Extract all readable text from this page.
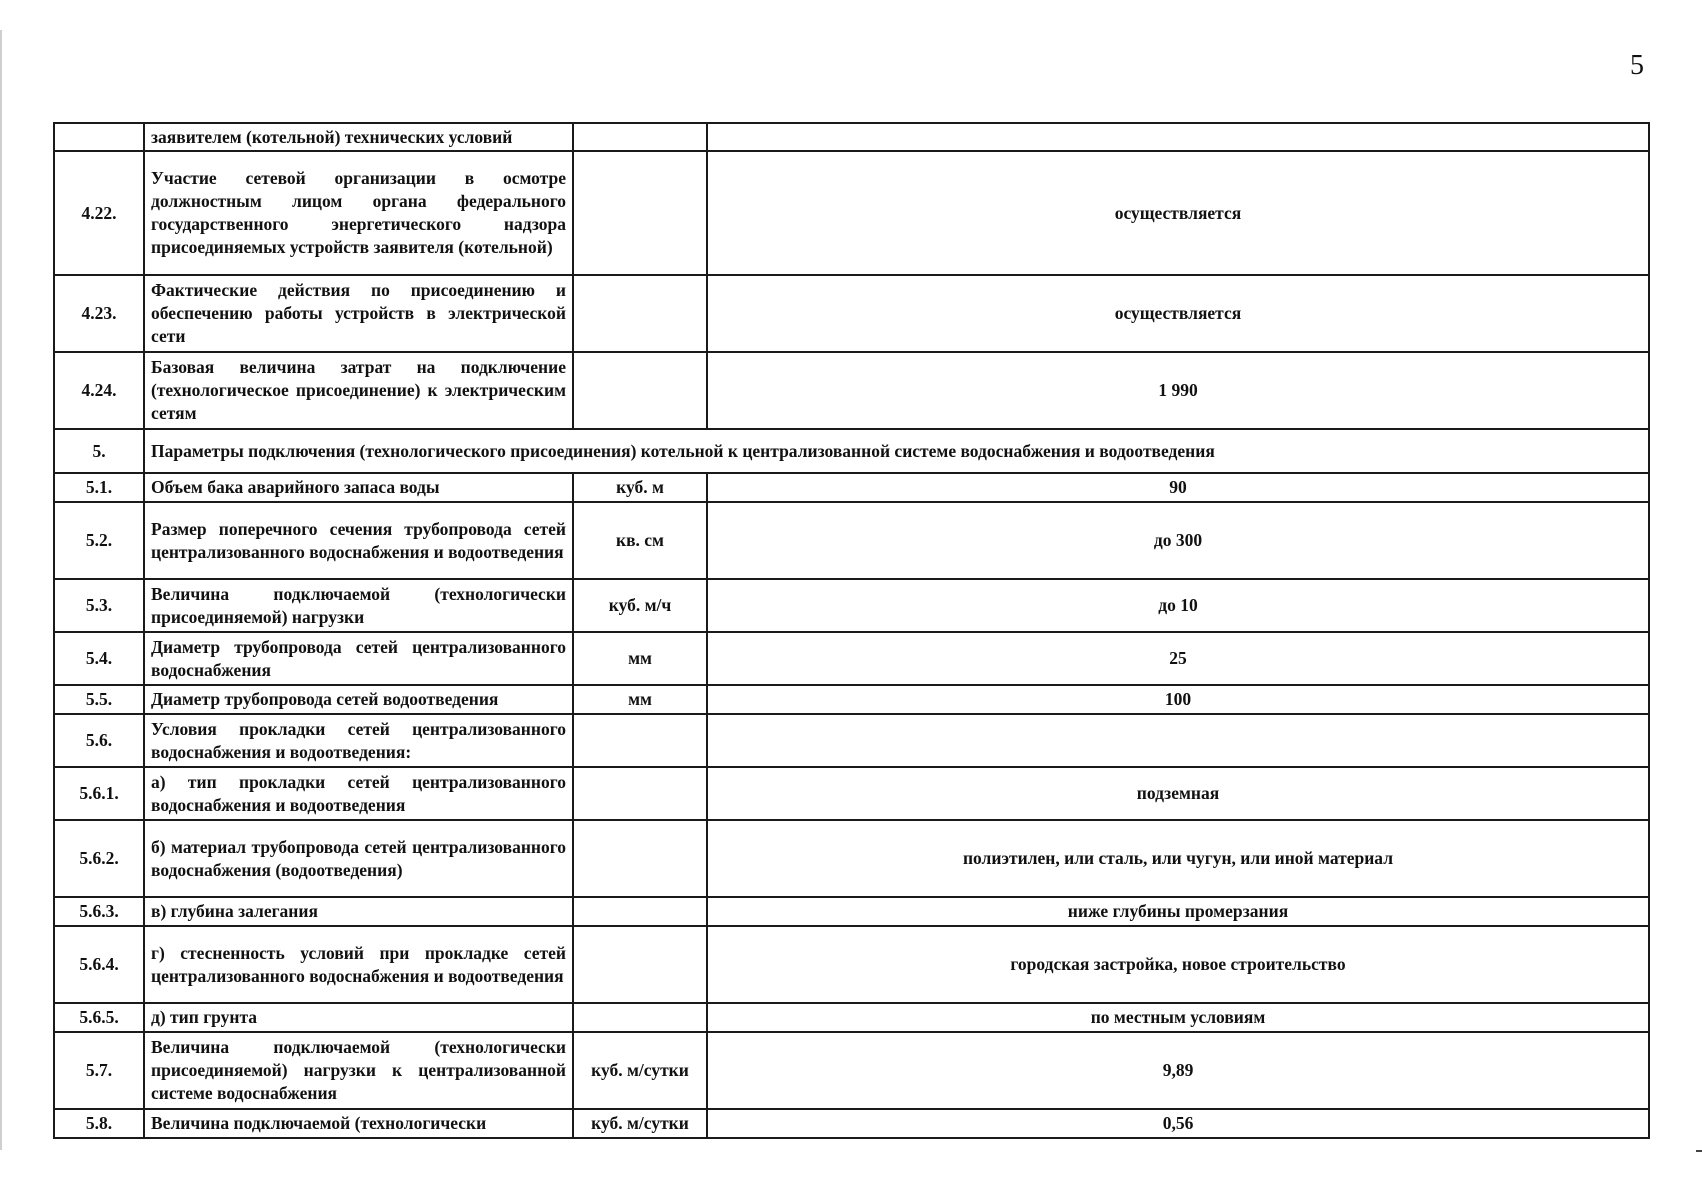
5
	заявителем (котельной) технических условий		
4.22.	Участие сетевой организации в осмотре должностным лицом органа федерального государственного энергетического надзора присоединяемых устройств заявителя (котельной)		осуществляется
4.23.	Фактические действия по присоединению и обеспечению работы устройств в электрической сети		осуществляется
4.24.	Базовая величина затрат на подключение (технологическое присоединение) к электрическим сетям		1 990
5.	Параметры подключения (технологического присоединения) котельной к централизованной системе водоснабжения и водоотведения		
5.1.	Объем бака аварийного запаса воды	куб. м	90
5.2.	Размер поперечного сечения трубопровода сетей централизованного водоснабжения и водоотведения	кв. см	до 300
5.3.	Величина подключаемой (технологически присоединяемой) нагрузки	куб. м/ч	до 10
5.4.	Диаметр трубопровода сетей централизованного водоснабжения	мм	25
5.5.	Диаметр трубопровода сетей водоотведения	мм	100
5.6.	Условия прокладки сетей централизованного водоснабжения и водоотведения:		
5.6.1.	а) тип прокладки сетей централизованного водоснабжения и водоотведения		подземная
5.6.2.	б) материал трубопровода сетей централизованного водоснабжения (водоотведения)		полиэтилен, или сталь, или чугун, или иной материал
5.6.3.	в) глубина залегания		ниже глубины промерзания
5.6.4.	г) стесненность условий при прокладке сетей централизованного водоснабжения и водоотведения		городская застройка, новое строительство
5.6.5.	д) тип грунта		по местным условиям
5.7.	Величина подключаемой (технологически присоединяемой) нагрузки к централизованной системе водоснабжения	куб. м/сутки	9,89
5.8.	Величина подключаемой (технологически	куб. м/сутки	0,56
